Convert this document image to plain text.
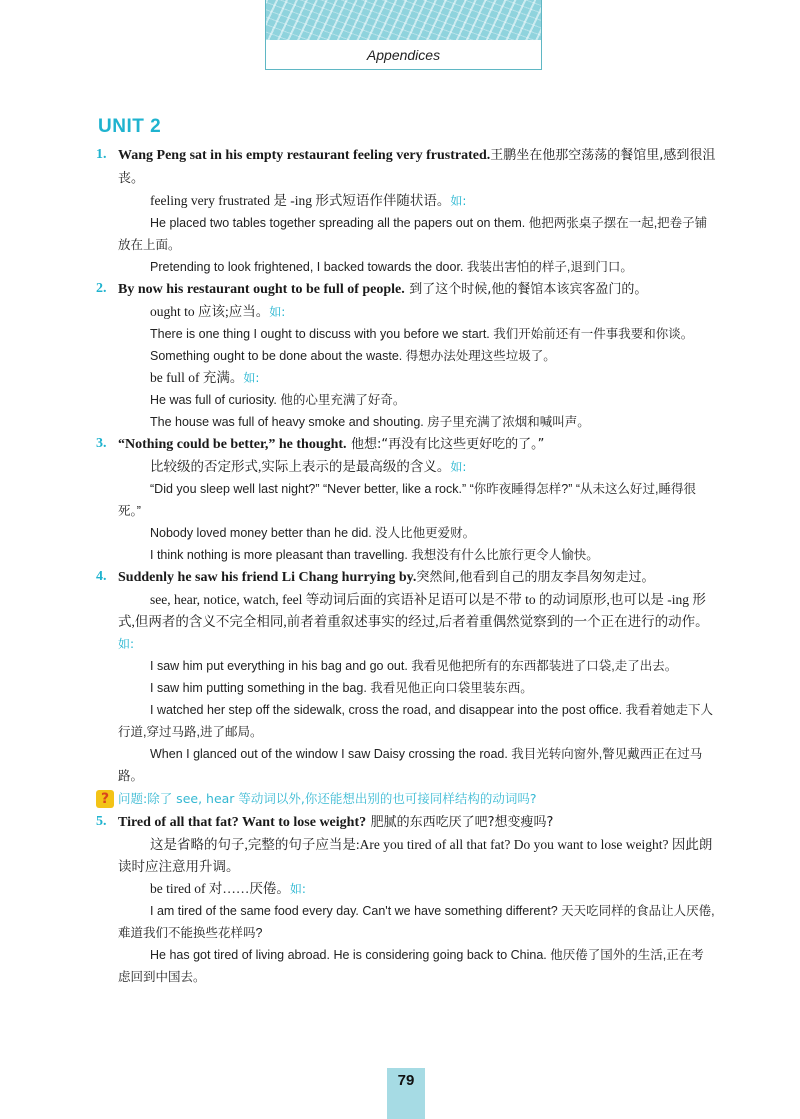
Appendices
UNIT 2
1. Wang Peng sat in his empty restaurant feeling very frustrated.王鹏坐在他那空荡荡的餐馆里,感到很沮丧。

feeling very frustrated 是 -ing 形式短语作伴随状语。如:

He placed two tables together spreading all the papers out on them. 他把两张桌子摆在一起,把卷子铺放在上面。

Pretending to look frightened, I backed towards the door. 我装出害怕的样子,退到门口。

2. By now his restaurant ought to be full of people. 到了这个时候,他的餐馆本该宾客盈门的。

ought to 应该;应当。如:

There is one thing I ought to discuss with you before we start. 我们开始前还有一件事我要和你谈。

Something ought to be done about the waste. 得想办法处理这些垃圾了。

be full of 充满。如:

He was full of curiosity. 他的心里充满了好奇。

The house was full of heavy smoke and shouting. 房子里充满了浓烟和喊叫声。

3. “Nothing could be better,” he thought. 他想:“再没有比这些更好吃的了。”

比较级的否定形式,实际上表示的是最高级的含义。如:

“Did you sleep well last night?” “Never better, like a rock.” “你昨夜睡得怎样?” “从未这么好过,睡得很死。”

Nobody loved money better than he did. 没人比他更爱财。

I think nothing is more pleasant than travelling. 我想没有什么比旅行更令人愉快。

4. Suddenly he saw his friend Li Chang hurrying by.突然间,他看到自己的朋友李昌匆匆走过。

see, hear, notice, watch, feel 等动词后面的宾语补足语可以是不带 to 的动词原形,也可以是 -ing 形式,但两者的含义不完全相同,前者着重叙述事实的经过,后者着重偶然觉察到的一个正在进行的动作。如:

I saw him put everything in his bag and go out. 我看见他把所有的东西都装进了口袋,走了出去。

I saw him putting something in the bag. 我看见他正向口袋里装东西。

I watched her step off the sidewalk, cross the road, and disappear into the post office. 我看着她走下人行道,穿过马路,进了邮局。

When I glanced out of the window I saw Daisy crossing the road. 我目光转向窗外,瞥见戴西正在过马路。

? 问题:除了 see, hear 等动词以外,你还能想出别的也可接同样结构的动词吗?
5. Tired of all that fat? Want to lose weight? 肥腻的东西吃厌了吧?想变瘦吗?

这是省略的句子,完整的句子应当是:Are you tired of all that fat? Do you want to lose weight? 因此朗读时应注意用升调。

be tired of 对……厌倦。如:

I am tired of the same food every day. Can't we have something different? 天天吃同样的食品让人厌倦,难道我们不能换些花样吗?

He has got tired of living abroad. He is considering going back to China. 他厌倦了国外的生活,正在考虑回到中国去。

79
